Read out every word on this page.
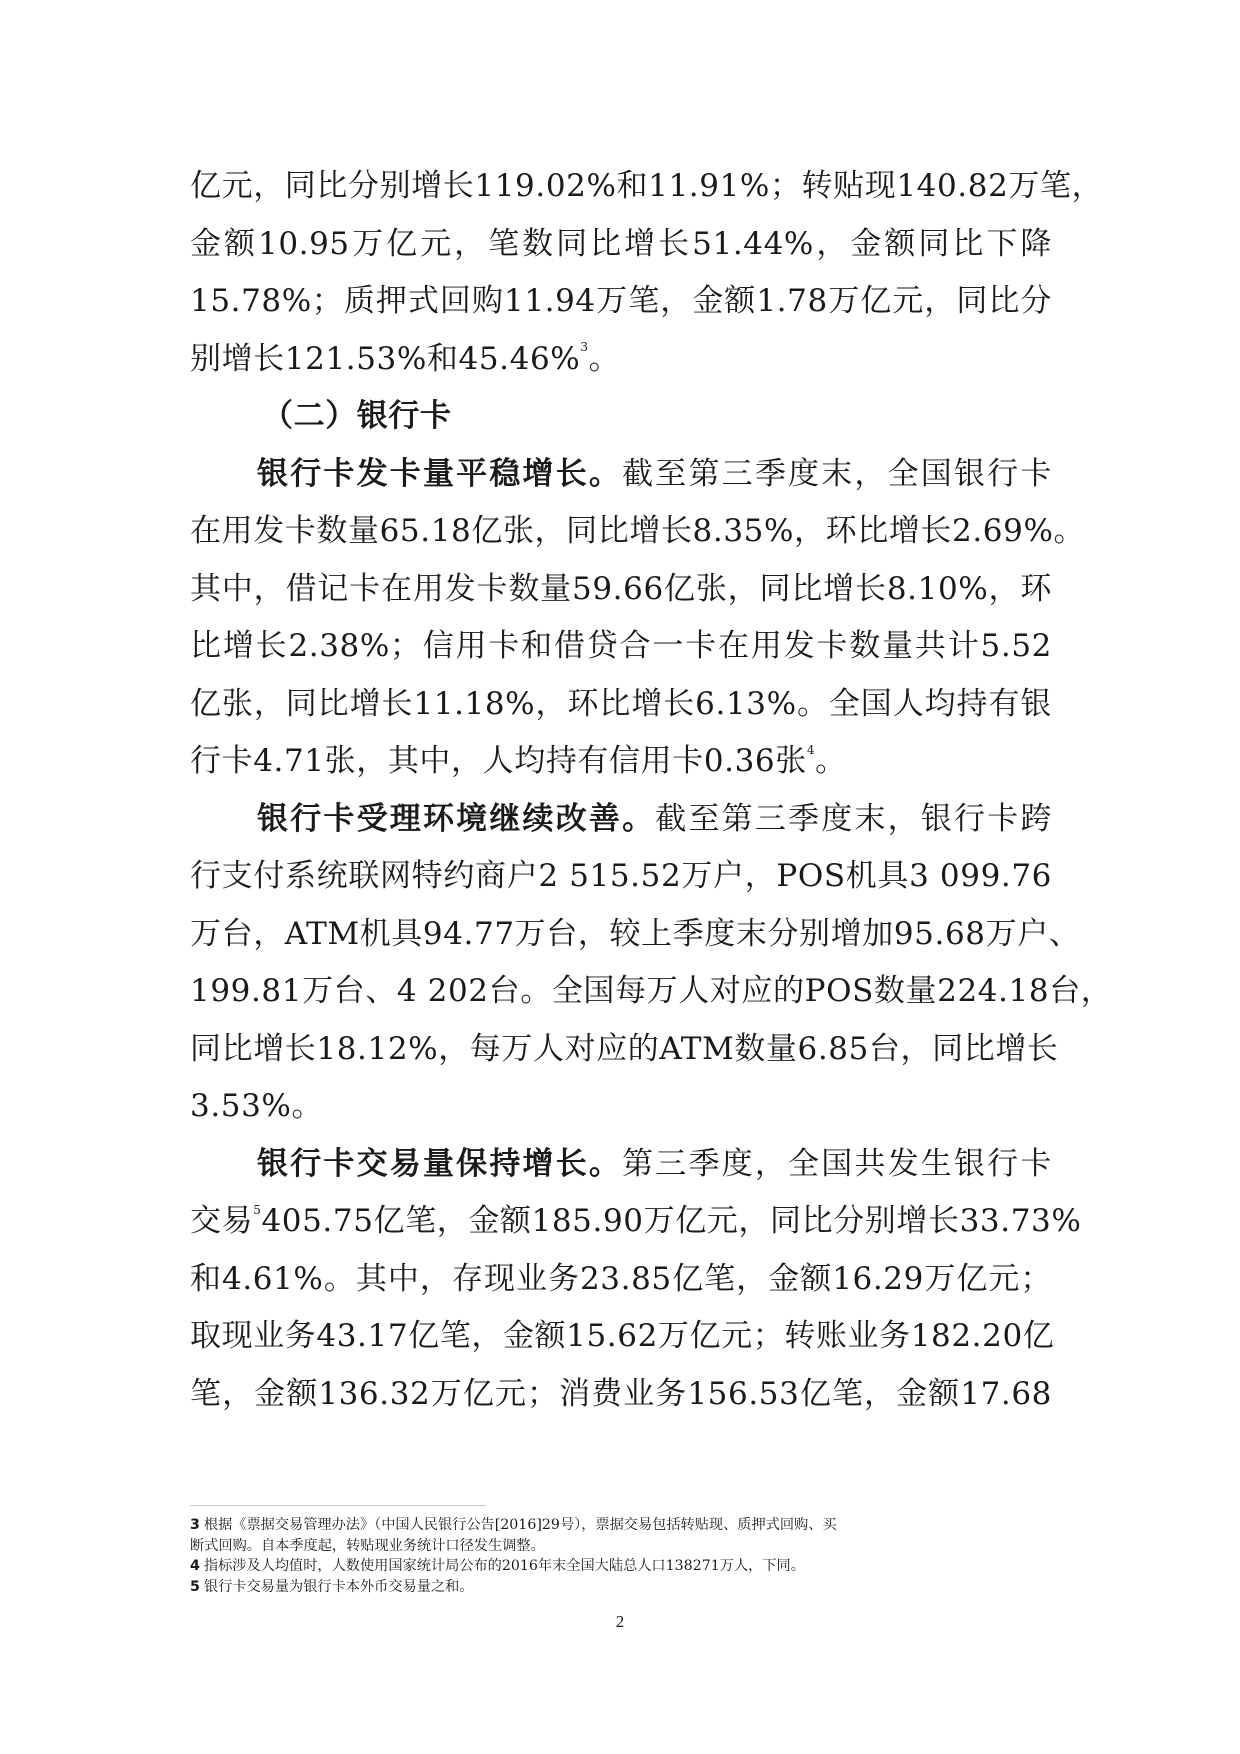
亿元，同比分别增长119.02%和11.91%；转贴现140.82万笔，
金额10.95万亿元，笔数同比增长51.44%，金额同比下降
15.78%；质押式回购11.94万笔，金额1.78万亿元，同比分
别增长121.53%和45.46%$^3$。
（二）银行卡
银行卡发卡量平稳增长。截至第三季度末，全国银行卡
在用发卡数量65.18亿张，同比增长8.35%，环比增长2.69%。
其中，借记卡在用发卡数量59.66亿张，同比增长8.10%，环
比增长2.38%；信用卡和借贷合一卡在用发卡数量共计5.52
亿张，同比增长11.18%，环比增长6.13%。全国人均持有银
行卡4.71张，其中，人均持有信用卡0.36张$^4$。
银行卡受理环境继续改善。截至第三季度末，银行卡跨
行支付系统联网特约商户2 515.52万户，POS机具3 099.76
万台，ATM机具94.77万台，较上季度末分别增加95.68万户、
199.81万台、4 202台。全国每万人对应的POS数量224.18台，
同比增长18.12%，每万人对应的ATM数量6.85台，同比增长
3.53%。
银行卡交易量保持增长。第三季度，全国共发生银行卡
交易$^5$405.75亿笔，金额185.90万亿元，同比分别增长33.73%
和4.61%。其中，存现业务23.85亿笔，金额16.29万亿元；
取现业务43.17亿笔，金额15.62万亿元；转账业务182.20亿
笔，金额136.32万亿元；消费业务156.53亿笔，金额17.68
3 根据《票据交易管理办法》（中国人民银行公告[2016]29号），票据交易包括转贴现、质押式回购、买
断式回购。自本季度起，转贴现业务统计口径发生调整。
4 指标涉及人均值时，人数使用国家统计局公布的2016年末全国大陆总人口138271万人，下同。
5 银行卡交易量为银行卡本外币交易量之和。
2
